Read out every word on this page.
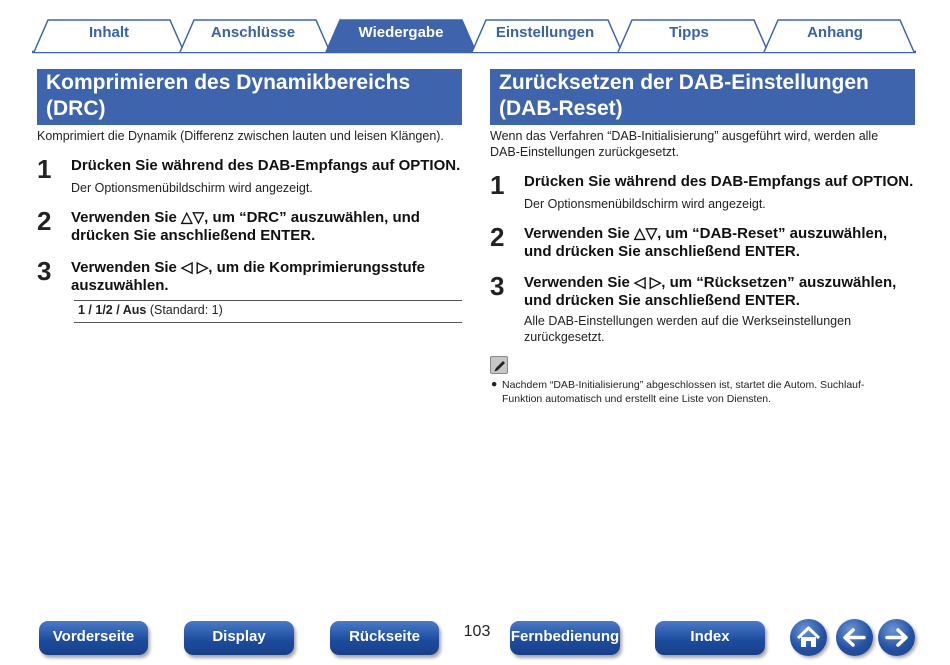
Inhalt	Anschlüsse	Wiedergabe	Einstellungen	Tipps	Anhang
Komprimieren des Dynamikbereichs
(DRC)
Komprimiert die Dynamik (Differenz zwischen lauten und leisen Klängen).
1 Drücken Sie während des DAB-Empfangs auf OPTION.
Der Optionsmenübildschirm wird angezeigt.
2 Verwenden Sie △▽, um “DRC” auszuwählen, und
drücken Sie anschließend ENTER.
3 Verwenden Sie ◁ ▷, um die Komprimierungsstufe
auszuwählen.
1 / 1/2 / Aus (Standard: 1)
Zurücksetzen der DAB-Einstellungen
(DAB-Reset)
Wenn das Verfahren “DAB-Initialisierung” ausgeführt wird, werden alle
DAB-Einstellungen zurückgesetzt.
1 Drücken Sie während des DAB-Empfangs auf OPTION.
Der Optionsmenübildschirm wird angezeigt.
2 Verwenden Sie △▽, um “DAB-Reset” auszuwählen,
und drücken Sie anschließend ENTER.
3 Verwenden Sie ◁ ▷, um “Rücksetzen” auszuwählen,
und drücken Sie anschließend ENTER.
Alle DAB-Einstellungen werden auf die Werkseinstellungen
zurückgesetzt.
● Nachdem “DAB-Initialisierung” abgeschlossen ist, startet die Autom. Suchlauf-
Funktion automatisch und erstellt eine Liste von Diensten.
Vorderseite	Display	Rückseite	103 Fernbedienung	Index
